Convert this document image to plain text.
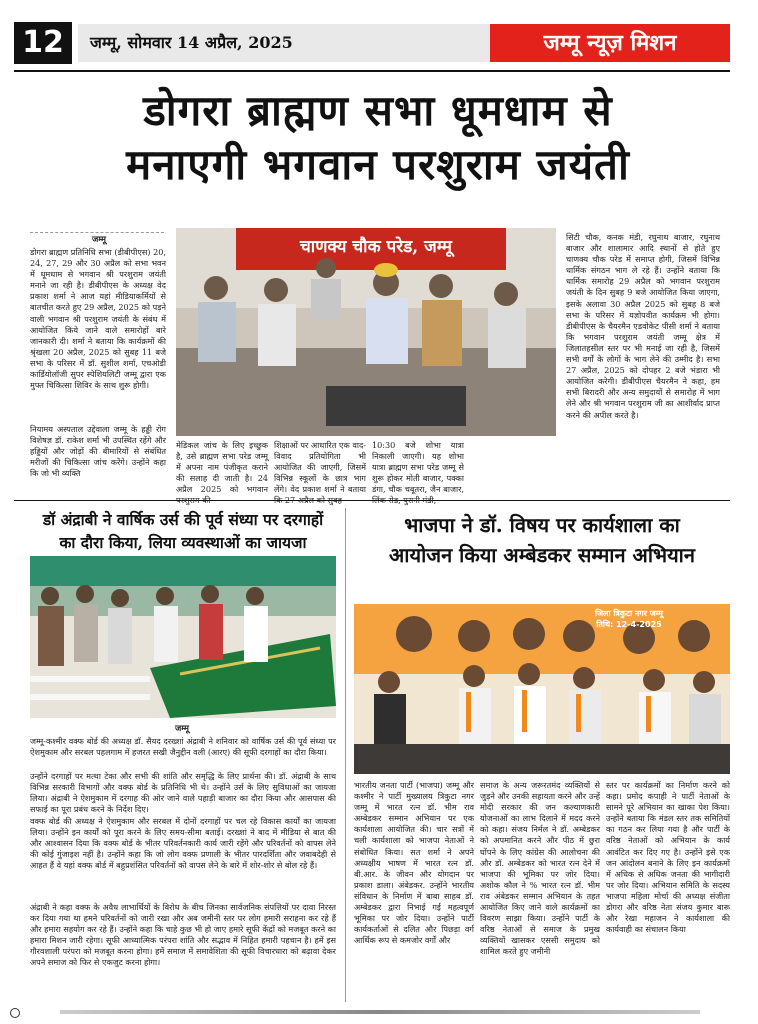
12	जम्मू, सोमवार 14 अप्रैल, 2025	जम्मू न्यूज़ मिशन
डोगरा ब्राह्मण सभा धूमधाम से
मनाएगी भगवान परशुराम जयंती
जम्मू
डोगरा ब्राह्मण प्रतिनिधि सभा (डीबीपीएस) 20, 24, 27, 29 और 30 अप्रैल को सभा भवन में धूमधाम से भगवान श्री परशुराम जयंती मनाने जा रही है। डीबीपीएस के अध्यक्ष वेद प्रकाश शर्मा ने आज यहां मीडियाकर्मियों से बातचीत करते हुए 29 अप्रैल, 2025 को पड़ने वाली भगवान श्री परशुराम जयंती के संबंध में आयोजित किये जाने वाले समारोहों बारे जानकारी दी। शर्मा ने बताया कि कार्यक्रमों की श्रृंखला 20 अप्रैल, 2025 को सुबह 11 बजे सभा के परिसर में डॉ. सुशील शर्मा, एचओडी कार्डियोलॉजी सुपर स्पेशियलिटी जम्मू द्वारा एक मुफ्त चिकित्सा शिविर के साथ शुरू होगी।
नियामय अस्पताल उद्देवाला जम्मू के हड्डी रोग विशेषज्ञ डॉ. राकेश शर्मा भी उपस्थित रहेंगे और हड्डियों और जोड़ों की बीमारियों से संबंधित मरीजों की चिकित्सा जांच करेंगे। उन्होंने कहा कि जो भी व्यक्ति
चाणक्य चौक परेड, जम्मू
मेडिकल जांच के लिए इच्छुक है, उसे ब्राह्मण सभा परेड जम्मू में अपना नाम पंजीकृत कराने की सलाह दी जाती है। 24 अप्रैल 2025 को भगवान
शिक्षाओं पर आधारित एक वाद-विवाद प्रतियोगिता भी आयोजित की जाएगी, जिसमें विभिन्न स्कूलों के छात्र भाग लेंगे। वेद प्रकाश शर्मा ने बताया
10:30 बजे शोभा यात्रा निकाली जाएगी। यह शोभा यात्रा ब्राह्मण सभा परेड जम्मू से शुरू होकर मोती बाजार, पक्का डंगा, चौक चबूतरा, जैन बाजार,
सिटी चौक, कनक मंडी, रघुनाथ बाजार, रघुनाथ बाजार और शालामार आदि स्थानों से होते हुए चाणक्य चौक परेड में समाप्त होगी, जिसमें विभिन्न धार्मिक संगठन भाग ले रहे हैं। उन्होंने बताया कि धार्मिक समारोह 29 अप्रैल को भगवान परशुराम जयंती के दिन सुबह 9 बजे आयोजित किया जाएगा, इसके अलावा 30 अप्रैल 2025 को सुबह 8 बजे सभा के परिसर में यज्ञोपवीत कार्यक्रम भी होगा। डीबीपीएस के चैयरमैन एडवोकेट पीसी शर्मा ने बताया कि भगवान परशुराम जयंती जम्मू क्षेत्र में जिलातहसील स्तर पर भी मनाई जा रही है, जिसमें सभी वर्गों के लोगों के भाग लेने की उम्मीद है। सभा 27 अप्रैल, 2025 को दोपहर 2 बजे भंडारा भी आयोजित करेगी। डीबीपीएस चैयरमैन ने कहा, हम सभी बिरादरी और अन्य समुदायों से समारोह में भाग लेने और श्री भगवान परशुराम जी का आशीर्वाद प्राप्त करने की अपील करते है।
डॉ अंद्राबी ने वार्षिक उर्स की पूर्व संध्या पर दरगाहों
का दौरा किया, लिया व्यवस्थाओं का जायजा
जम्मू
जम्मू-कश्मीर वक्फ बोर्ड की अध्यक्ष डॉ. सैयद दरख्शां अंद्राबी ने शनिवार को वार्षिक उर्स की पूर्व संध्या पर ऐशमुकाम और सरबल पहलगाम में हजरत सखी जैनुद्दीन वली (आरए) की सूफी दरगाहों का दौरा किया।
उन्होंने दरगाहों पर मत्था टेका और सभी की शांति और समृद्धि के लिए प्रार्थना की। डॉ. अंद्राबी के साथ विभिन्न सरकारी विभागों और वक्फ बोर्ड के प्रतिनिधि भी थे। उन्होंने उर्स के लिए सुविधाओं का जायजा लिया। अंद्राबी ने ऐशमुकाम में दरगाह की ओर जाने वाले पहाड़ी बाजार का दौरा किया और आसपास की सफाई का पूरा प्रबंध करने के निर्देश दिए।
वक्फ बोर्ड की अध्यक्ष ने ऐशमुकाम और सरबल में दोनों दरगाहों पर चल रहे विकास कार्यों का जायजा लिया। उन्होंने इन कार्यों को पूरा करने के लिए समय-सीमा बताई। दरख्शां ने बाद में मीडिया से बात की और आश्वासन दिया कि वक्फ बोर्ड के भीतर परिवर्तनकारी कार्य जारी रहेंगे और परिवर्तनों को वापस लेने की कोई गुंजाइश नहीं है। उन्होंने कहा कि जो लोग वक्फ प्रणाली के भीतर पारदर्शिता और जवाबदेही से आहत हैं वे यहां वक्फ बोर्ड में बहुप्रशंसित परिवर्तनों को वापस लेने के बारे में शोर-शोर से बोल रहे हैं।
अंद्राबी ने कहा वक्फ के अवैध लाभार्थियों के विरोध के बीच जिनका सार्वजनिक संपत्तियों पर दावा निरस्त कर दिया गया था हमने परिवर्तनों को जारी रखा और अब जमीनी स्तर पर लोग हमारी सराहना कर रहे हैं और हमारा सहयोग कर रहे हैं। उन्होंने कहा कि चाहे कुछ भी हो जाए हमारे सूफी केंद्रों को मजबूत करने का हमारा मिशन जारी रहेगा। सूफी आध्यात्मिक परंपरा शांति और सद्भाव में निहित हमारी पहचान है। हमें इस गौरवशाली परंपरा को मजबूत करना होगा। हमें समाज में समावेशिता की सूफी विचारधारा को बढ़ावा देकर अपने समाज को फिर से एकजुट करना होगा।
भाजपा ने डॉ. विषय पर कार्यशाला का
आयोजन किया अम्बेडकर सम्मान अभियान
जिला त्रिकुटा नगर जम्मू
तिथि: 12-4-2025
भारतीय जनता पार्टी (भाजपा) जम्मू और कश्मीर ने पार्टी मुख्यालय त्रिकुटा नगर जम्मू में भारत रत्न डॉ. भीम राव अम्बेडकर सम्मान अभियान पर एक कार्यशाला आयोजित की। चार सत्रों में चली कार्यशाला को भाजपा नेताओं ने संबोधित किया। सत शर्मा ने अपने अध्यक्षीय भाषण में भारत रत्न डॉ. बी.आर. के जीवन और योगदान पर प्रकाश डाला। अंबेडकर. उन्होंने भारतीय संविधान के निर्माण में बाबा साहब डॉ. अम्बेडकर द्वारा निभाई गई महत्वपूर्ण भूमिका पर जोर दिया। उन्होंने पार्टी कार्यकर्ताओं से दलित और पिछड़ा वर्ग आर्थिक रूप से कमजोर वर्गों और
समाज के अन्य जरूरतमंद व्यक्तियों से जुड़ने और उनकी सहायता करने और उन्हें मोदी सरकार की जन कल्याणकारी योजनाओं का लाभ दिलाने में मदद करने को कहा। संजय निर्मल ने डॉ. अम्बेडकर को अपमानित करने और पीठ में छुरा घोंपने के लिए कांग्रेस की आलोचना की और डॉ. अम्बेडकर को भारत रत्न देने में भाजपा की भूमिका पर जोर दिया। अशोक कौल ने % भारत रत्न डॉ. भीम राव अंबेडकर सम्मान अभियान के तहत आयोजित किए जाने वाले कार्यक्रमों का विवरण साझा किया। उन्होंने पार्टी के वरिष्ठ नेताओं से समाज के प्रमुख व्यक्तियों खासकर एससी समुदाय को शामिल करते हुए जमीनी
स्तर पर कार्यक्रमों का निर्माण करने को कहा। प्रमोद कपाही ने पार्टी नेताओं के सामने पूरे अभियान का खाका पेश किया। उन्होंने बताया कि मंडल स्तर तक समितियों का गठन कर लिया गया है और पार्टी के वरिष्ठ नेताओं को अभियान के कार्य आवंटित कर दिए गए है। उन्होंने इसे एक जन आंदोलन बनाने के लिए इन कार्यक्रमों में अधिक से अधिक जनता की भागीदारी पर जोर दिया। अभियान समिति के सदस्य भाजपा महिला मोर्चा की अध्यक्ष संजीता डोगरा और वरिष्ठ नेता संजय कुमार बारू और रेखा महाजन ने कार्यशाला की कार्यवाही का संचालन किया
